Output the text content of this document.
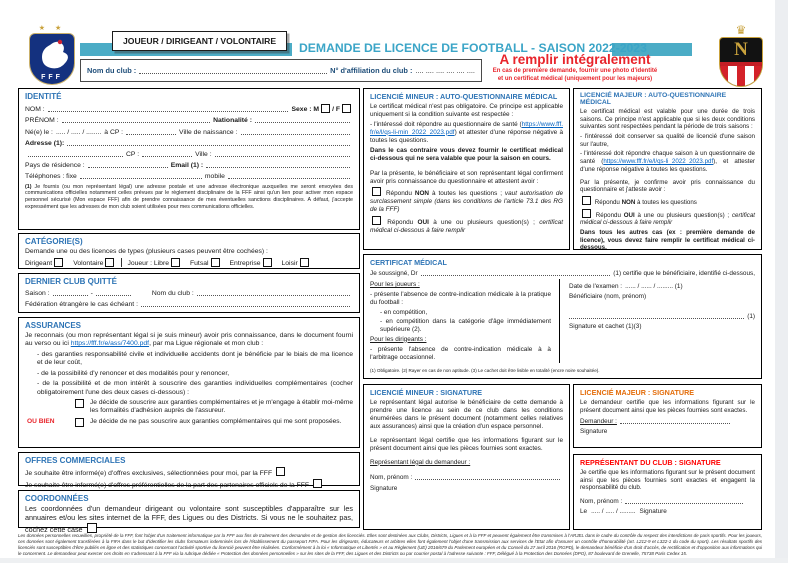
★ ★
FFF
JOUEUR / DIRIGEANT / VOLONTAIRE	DEMANDE DE LICENCE DE FOOTBALL - SAISON 2022-2023
Nom du club :	N° d'affiliation du club : .... .... .... .... .... ....
A remplir intégralement
En cas de première demande, fournir une photo d'identité
et un certificat médical (uniquement pour les majeurs)
♛
N
IDENTITÉ
NOM :	Sexe : M / F
PRÉNOM :	Nationalité :
Né(e) le : ..... / ..... / ........ à CP :	Ville de naissance :
Adresse (1):
CP :	Ville :
Pays de résidence :	Email (1) :
Téléphones : fixe	mobile
(1) Je fournis (ou mon représentant légal) une adresse postale et une adresse électronique auxquelles me seront envoyées des communications officielles notamment celles prévues par le règlement disciplinaire de la FFF ainsi qu'un lien pour activer mon espace personnel sécurisé (Mon espace FFF) afin de prendre connaissance de mes éventuelles sanctions disciplinaires. A défaut, j'accepte expressément que les adresses de mon club soient utilisées pour mes communications officielles.
CATÉGORIE(S)
Demande une ou des licences de types (plusieurs cases peuvent être cochées) :
Dirigeant	Volontaire	Joueur : Libre	Futsal	Entreprise	Loisir
DERNIER CLUB QUITTÉ
Saison :	-	Nom du club :
Fédération étrangère le cas échéant :
ASSURANCES
Je reconnais (ou mon représentant légal si je suis mineur) avoir pris connaissance, dans le document fourni au verso ou ici https://fff.fr/e/ass/7400.pdf, par ma Ligue régionale et mon club :
- des garanties responsabilité civile et individuelle accidents dont je bénéficie par le biais de ma licence et de leur coût,
- de la possibilité d'y renoncer et des modalités pour y renoncer,
- de la possibilité et de mon intérêt à souscrire des garanties individuelles complémentaires (cocher obligatoirement l'une des deux cases ci-dessous) :
Je décide de souscrire aux garanties complémentaires et je m'engage à établir moi-même les formalités d'adhésion auprès de l'assureur.
OU BIEN	Je décide de ne pas souscrire aux garanties complémentaires qui me sont proposées.
OFFRES COMMERCIALES
Je souhaite être informé(e) d'offres exclusives, sélectionnées pour moi, par la FFF
Je souhaite être informé(e) d'offres préférentielles de la part des partenaires officiels de la FFF
COORDONNÉES
Les coordonnées d'un demandeur dirigeant ou volontaire sont susceptibles d'apparaître sur les annuaires et/ou les sites internet de la FFF, des Ligues ou des Districts. Si vous ne le souhaitez pas, cochez cette case
LICENCIÉ MINEUR : AUTO-QUESTIONNAIRE MÉDICAL
Le certificat médical n'est pas obligatoire. Ce principe est applicable uniquement si la condition suivante est respectée :
- l'intéressé doit répondre au questionnaire de santé (https://www.fff.fr/e/l/qs-li-min_2022_2023.pdf) et attester d'une réponse négative à toutes les questions.
Dans le cas contraire vous devez fournir le certificat médical ci-dessous qui ne sera valable que pour la saison en cours.
Par la présente, le bénéficiaire et son représentant légal confirment avoir pris connaissance du questionnaire et attestent avoir :
Répondu NON à toutes les questions ; vaut autorisation de surclassement simple (dans les conditions de l'article 73.1 des RG de la FFF)
Répondu OUI à une ou plusieurs question(s) ; certificat médical ci-dessous à faire remplir
LICENCIÉ MAJEUR : AUTO-QUESTIONNAIRE MÉDICAL
Le certificat médical est valable pour une durée de trois saisons. Ce principe n'est applicable que si les deux conditions suivantes sont respectées pendant la période de trois saisons :
- l'intéressé doit conserver sa qualité de licencié d'une saison sur l'autre,
- l'intéressé doit répondre chaque saison à un questionnaire de santé (https://www.fff.fr/e/l/qs-li_2022_2023.pdf), et attester d'une réponse négative à toutes les questions.
Par la présente, je confirme avoir pris connaissance du questionnaire et j'atteste avoir :
Répondu NON à toutes les questions
Répondu OUI à une ou plusieurs question(s) ; certificat médical ci-dessous à faire remplir
Dans tous les autres cas (ex : première demande de licence), vous devez faire remplir le certificat médical ci-dessous.
CERTIFICAT MÉDICAL
Je soussigné, Dr	(1) certifie que le bénéficiaire, identifié ci-dessous,
Pour les joueurs :
- présente l'absence de contre-indication médicale à la pratique du football :
- en compétition,
- en compétition dans la catégorie d'âge immédiatement supérieure (2).
Pour les dirigeants :
- présente l'absence de contre-indication médicale à à l'arbitrage occasionnel.
Date de l'examen : ...... / ...... / ......... (1)
Bénéficiaire (nom, prénom)
(1)
Signature et cachet (1)(3)
(1) Obligatoire. (2) Rayer en cas de non aptitude. (3) Le cachet doit être lisible en totalité (encre noire souhaitée).
LICENCIÉ MINEUR : SIGNATURE
Le représentant légal autorise le bénéficiaire de cette demande à prendre une licence au sein de ce club dans les conditions énumérées dans le présent document (notamment celles relatives aux assurances) ainsi que la création d'un espace personnel.
Le représentant légal certifie que les informations figurant sur le présent document ainsi que les pièces fournies sont exactes.
Représentant légal du demandeur :
Nom, prénom :
Signature
LICENCIÉ MAJEUR : SIGNATURE
Le demandeur certifie que les informations figurant sur le présent document ainsi que les pièces fournies sont exactes.
Demandeur :
Signature
REPRÉSENTANT DU CLUB : SIGNATURE
Je certifie que les informations figurant sur le présent document ainsi que les pièces fournies sont exactes et engagent la responsabilité du club.
Nom, prénom :
Le ..... / ..... / ......... Signature
Les données personnelles recueillies, propriété de la FFF, font l'objet d'un traitement informatique par la FFF aux fins de traitement des demandes et de gestion des licenciés. Elles sont destinées aux Clubs, Districts, Ligues et à la FFF et peuvent également être transmises à l'ARJEL dans le cadre du contrôle du respect des interdictions de paris sportifs. Pour les joueurs, ces données sont également transférées à la FIFA dans le but d'identifier les clubs formateurs indemnisés lors de l'établissement du passeport FIFA. Pour les dirigeants, éducateurs et arbitres elles font également l'objet d'une transmission aux services de l'Etat afin d'assurer un contrôle d'honorabilité (art. L212-9 et L322-1 du code du sport). Les résultats sportifs des licenciés sont susceptibles d'être publiés en ligne et des statistiques concernant l'activité sportive du licencié peuvent être réalisées. Conformément à la loi « Informatique et Libertés » et au Règlement (UE) 2016/679 du Parlement européen et du Conseil du 27 avril 2016 (RGPD), le demandeur bénéficie d'un droit d'accès, de rectification et d'opposition aux informations qui le concernent. Le demandeur peut exercer ces droits en s'adressant à la FFF via la rubrique dédiée « Protection des données personnelles » sur les sites de la FFF, des Ligues et des Districts ou par courrier postal à l'adresse suivante : FFF, Délégué à la Protection des Données (DPO), 87 boulevard de Grenelle, 75738 Paris Cedex 15.
